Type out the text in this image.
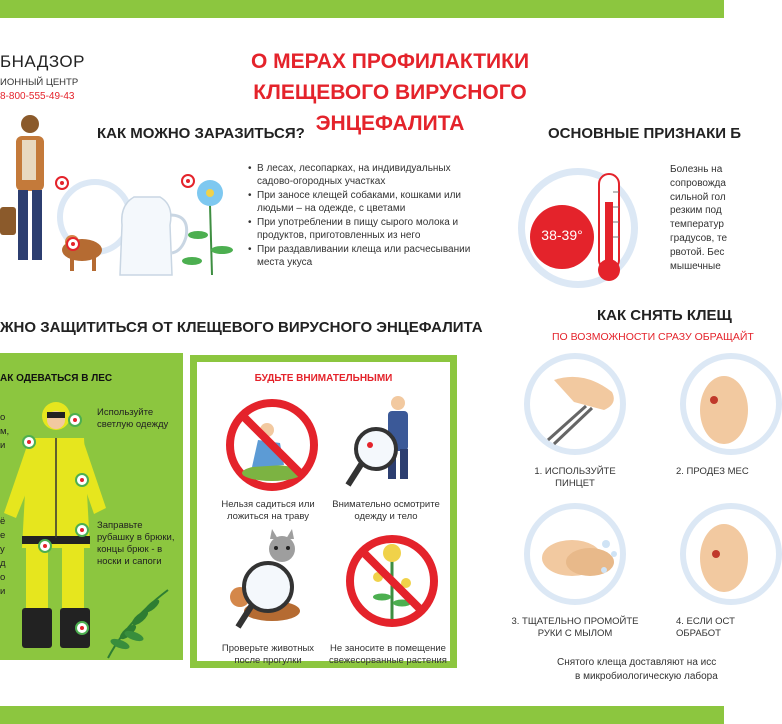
БНАДЗОР
ИОННЫЙ ЦЕНТР
8-800-555-49-43
О МЕРАХ ПРОФИЛАКТИКИ
КЛЕЩЕВОГО ВИРУСНОГО ЭНЦЕФАЛИТА
КАК МОЖНО ЗАРАЗИТЬСЯ?
• В лесах, лесопарках, на индивидуальных садово-огородных участках
• При заносе клещей собаками, кошками или людьми – на одежде, с цветами
• При употреблении в пищу сырого молока и продуктов, приготовленных из него
• При раздавливании клеща или расчесывании места укуса
ОСНОВНЫЕ ПРИЗНАКИ Б
38-39°
Болезнь на
сопровожда
сильной гол
резким под
температур
градусов, те
рвотой. Бес
мышечные
ЖНО ЗАЩИТИТЬСЯ ОТ КЛЕЩЕВОГО ВИРУСНОГО ЭНЦЕФАЛИТА
АК ОДЕВАТЬСЯ В ЛЕС
Используйте светлую одежду
Заправьте рубашку в брюки, концы брюк - в носки и сапоги
о
м,
и
ё
е
у
д
о
и
БУДЬТЕ ВНИМАТЕЛЬНЫМИ
Нельзя садиться или ложиться на траву
Внимательно осмотрите одежду и тело
Проверьте животных после прогулки
Не заносите в помещение свежесорванные растения
КАК СНЯТЬ КЛЕЩ
ПО ВОЗМОЖНОСТИ СРАЗУ ОБРАЩАЙТ
1. ИСПОЛЬЗУЙТЕ ПИНЦЕТ
2. ПРОДЕЗ МЕС
3. ТЩАТЕЛЬНО ПРОМОЙТЕ РУКИ С МЫЛОМ
4. ЕСЛИ ОСТ ОБРАБОТ
Снятого клеща доставляют на исс
в микробиологическую лабора
